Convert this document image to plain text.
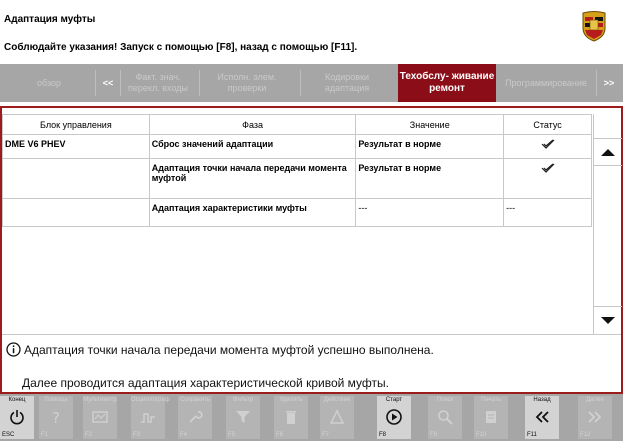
Адаптация муфты
Соблюдайте указания! Запуск с помощью [F8], назад с помощью [F11].
обзор	<<
Факт. знач. перекл. входы
Исполн. элем. проверки
Кодировки адаптация
Техобслу- живание ремонт
Программирование >>
Блок управления	Фаза	Значение	Статус
DME V6 PHEV	Сброс значений адаптации	Результат в норме	
	Адаптация точки начала передачи момента муфтой	Результат в норме	
	Адаптация характеристики муфты	---	---
Адаптация точки начала передачи момента муфтой успешно выполнена.
Далее проводится адаптация характеристической кривой муфты.
Конец
ESC
Помощь
?
F1
Мультиметр
F2
Осциллограф
F3
Сохранить
F4
Фильтр
F5
Удалить
F6
Действие
F7
Старт
F8
Поиск
F9
Печать
F10
Назад
F11
Далее
F12
